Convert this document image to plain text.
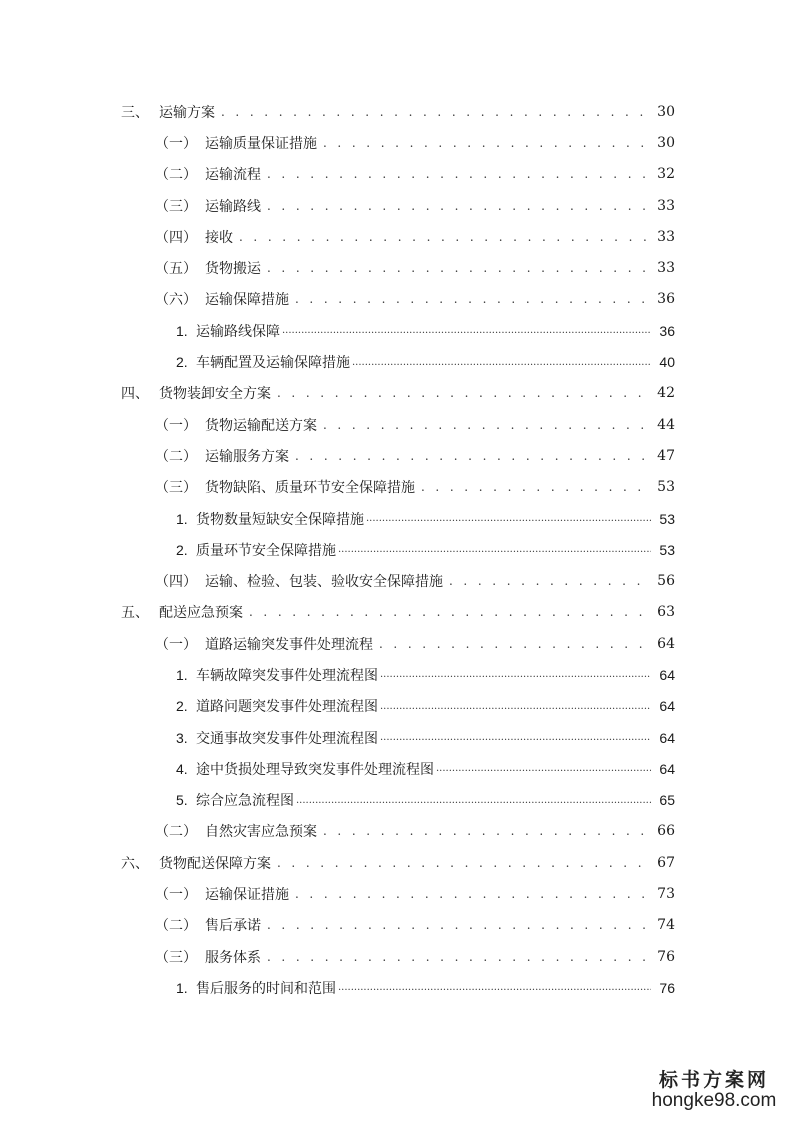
三、 运输方案 . . .	30
（一） 运输质量保证措施 . . .	30
（二） 运输流程 . . .	32
（三） 运输路线 . . .	33
（四） 接收 . . .	33
（五） 货物搬运 . . .	33
（六） 运输保障措施 . . .	36
1. 运输路线保障 .....	36
2. 车辆配置及运输保障措施 .....	40
四、 货物装卸安全方案 . . .	42
（一） 货物运输配送方案 . . .	44
（二） 运输服务方案 . . .	47
（三） 货物缺陷、质量环节安全保障措施 . . .	53
1. 货物数量短缺安全保障措施 .....	53
2. 质量环节安全保障措施 .....	53
（四） 运输、检验、包装、验收安全保障措施 . . .	56
五、 配送应急预案 . . .	63
（一） 道路运输突发事件处理流程 . . .	64
1. 车辆故障突发事件处理流程图 .....	64
2. 道路问题突发事件处理流程图 .....	64
3. 交通事故突发事件处理流程图 .....	64
4. 途中货损处理导致突发事件处理流程图 .....	64
5. 综合应急流程图 .....	65
（二） 自然灾害应急预案 . . .	66
六、 货物配送保障方案 . . .	67
（一） 运输保证措施 . . .	73
（二） 售后承诺 . . .	74
（三） 服务体系 . . .	76
1. 售后服务的时间和范围 .....	76
标书方案网
hongke98.com
